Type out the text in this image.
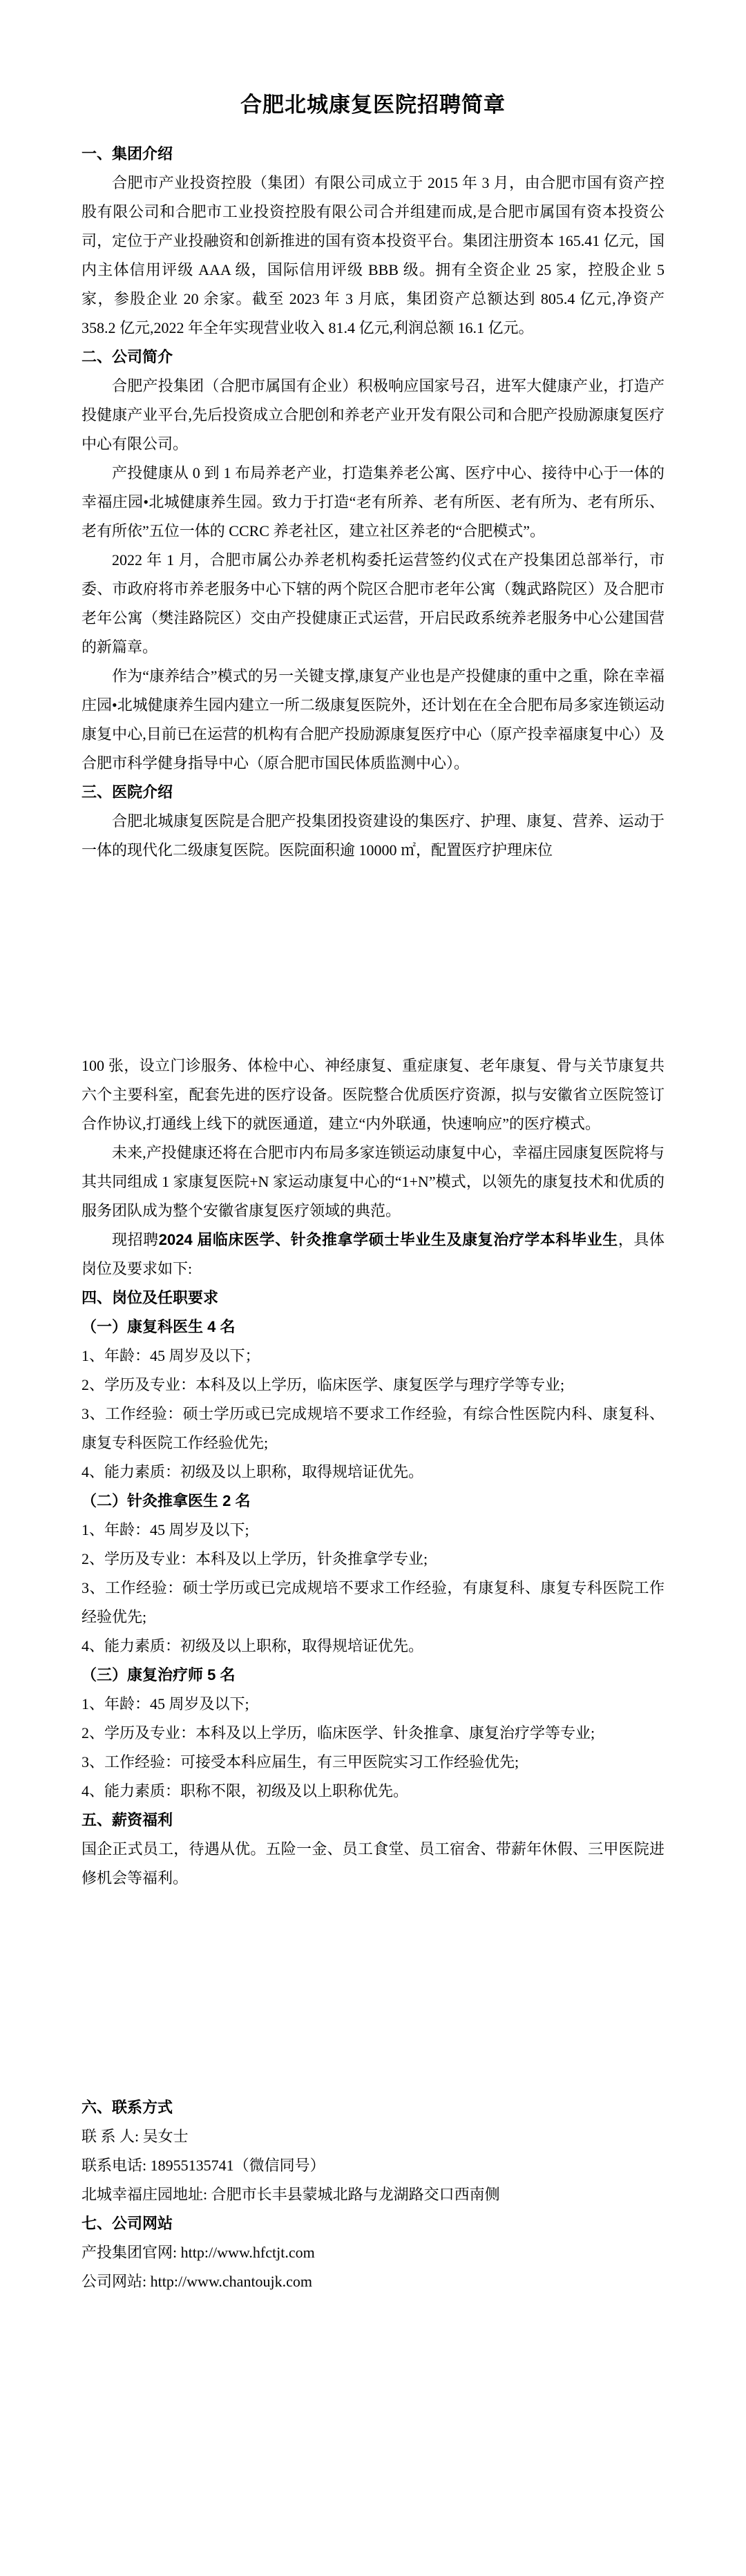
合肥北城康复医院招聘简章
一、集团介绍

合肥市产业投资控股（集团）有限公司成立于 2015 年 3 月，由合肥市国有资产控股有限公司和合肥市工业投资控股有限公司合并组建而成,是合肥市属国有资本投资公司，定位于产业投融资和创新推进的国有资本投资平台。集团注册资本 165.41 亿元，国内主体信用评级 AAA 级，国际信用评级 BBB 级。拥有全资企业 25 家，控股企业 5 家，参股企业 20 余家。截至 2023 年 3 月底，集团资产总额达到 805.4 亿元,净资产 358.2 亿元,2022 年全年实现营业收入 81.4 亿元,利润总额 16.1 亿元。

二、公司简介

合肥产投集团（合肥市属国有企业）积极响应国家号召，进军大健康产业，打造产投健康产业平台,先后投资成立合肥创和养老产业开发有限公司和合肥产投励源康复医疗中心有限公司。

产投健康从 0 到 1 布局养老产业，打造集养老公寓、医疗中心、接待中心于一体的幸福庄园•北城健康养生园。致力于打造“老有所养、老有所医、老有所为、老有所乐、老有所依”五位一体的 CCRC 养老社区，建立社区养老的“合肥模式”。

2022 年 1 月，合肥市属公办养老机构委托运营签约仪式在产投集团总部举行，市委、市政府将市养老服务中心下辖的两个院区合肥市老年公寓（魏武路院区）及合肥市老年公寓（樊洼路院区）交由产投健康正式运营，开启民政系统养老服务中心公建国营的新篇章。

作为“康养结合”模式的另一关键支撑,康复产业也是产投健康的重中之重，除在幸福庄园•北城健康养生园内建立一所二级康复医院外，还计划在在全合肥布局多家连锁运动康复中心,目前已在运营的机构有合肥产投励源康复医疗中心（原产投幸福康复中心）及合肥市科学健身指导中心（原合肥市国民体质监测中心）。

三、医院介绍

合肥北城康复医院是合肥产投集团投资建设的集医疗、护理、康复、营养、运动于一体的现代化二级康复医院。医院面积逾 10000 ㎡，配置医疗护理床位

100 张，设立门诊服务、体检中心、神经康复、重症康复、老年康复、骨与关节康复共六个主要科室，配套先进的医疗设备。医院整合优质医疗资源，拟与安徽省立医院签订合作协议,打通线上线下的就医通道，建立“内外联通，快速响应”的医疗模式。

未来,产投健康还将在合肥市内布局多家连锁运动康复中心，幸福庄园康复医院将与其共同组成 1 家康复医院+N 家运动康复中心的“1+N”模式，以领先的康复技术和优质的服务团队成为整个安徽省康复医疗领域的典范。

现招聘2024 届临床医学、针灸推拿学硕士毕业生及康复治疗学本科毕业生，具体岗位及要求如下:

四、岗位及任职要求

（一）康复科医生 4 名

1、年龄：45 周岁及以下；

2、学历及专业：本科及以上学历，临床医学、康复医学与理疗学等专业;

3、工作经验：硕士学历或已完成规培不要求工作经验，有综合性医院内科、康复科、康复专科医院工作经验优先;

4、能力素质：初级及以上职称，取得规培证优先。

（二）针灸推拿医生 2 名

1、年龄：45 周岁及以下;

2、学历及专业：本科及以上学历，针灸推拿学专业;

3、工作经验：硕士学历或已完成规培不要求工作经验，有康复科、康复专科医院工作经验优先;

4、能力素质：初级及以上职称，取得规培证优先。

（三）康复治疗师 5 名

1、年龄：45 周岁及以下;

2、学历及专业：本科及以上学历，临床医学、针灸推拿、康复治疗学等专业;

3、工作经验：可接受本科应届生，有三甲医院实习工作经验优先;

4、能力素质：职称不限，初级及以上职称优先。

五、薪资福利

国企正式员工，待遇从优。五险一金、员工食堂、员工宿舍、带薪年休假、三甲医院进修机会等福利。

六、联系方式

联 系 人: 吴女士

联系电话: 18955135741（微信同号）

北城幸福庄园地址: 合肥市长丰县蒙城北路与龙湖路交口西南侧

七、公司网站

产投集团官网: http://www.hfctjt.com

公司网站: http://www.chantoujk.com
